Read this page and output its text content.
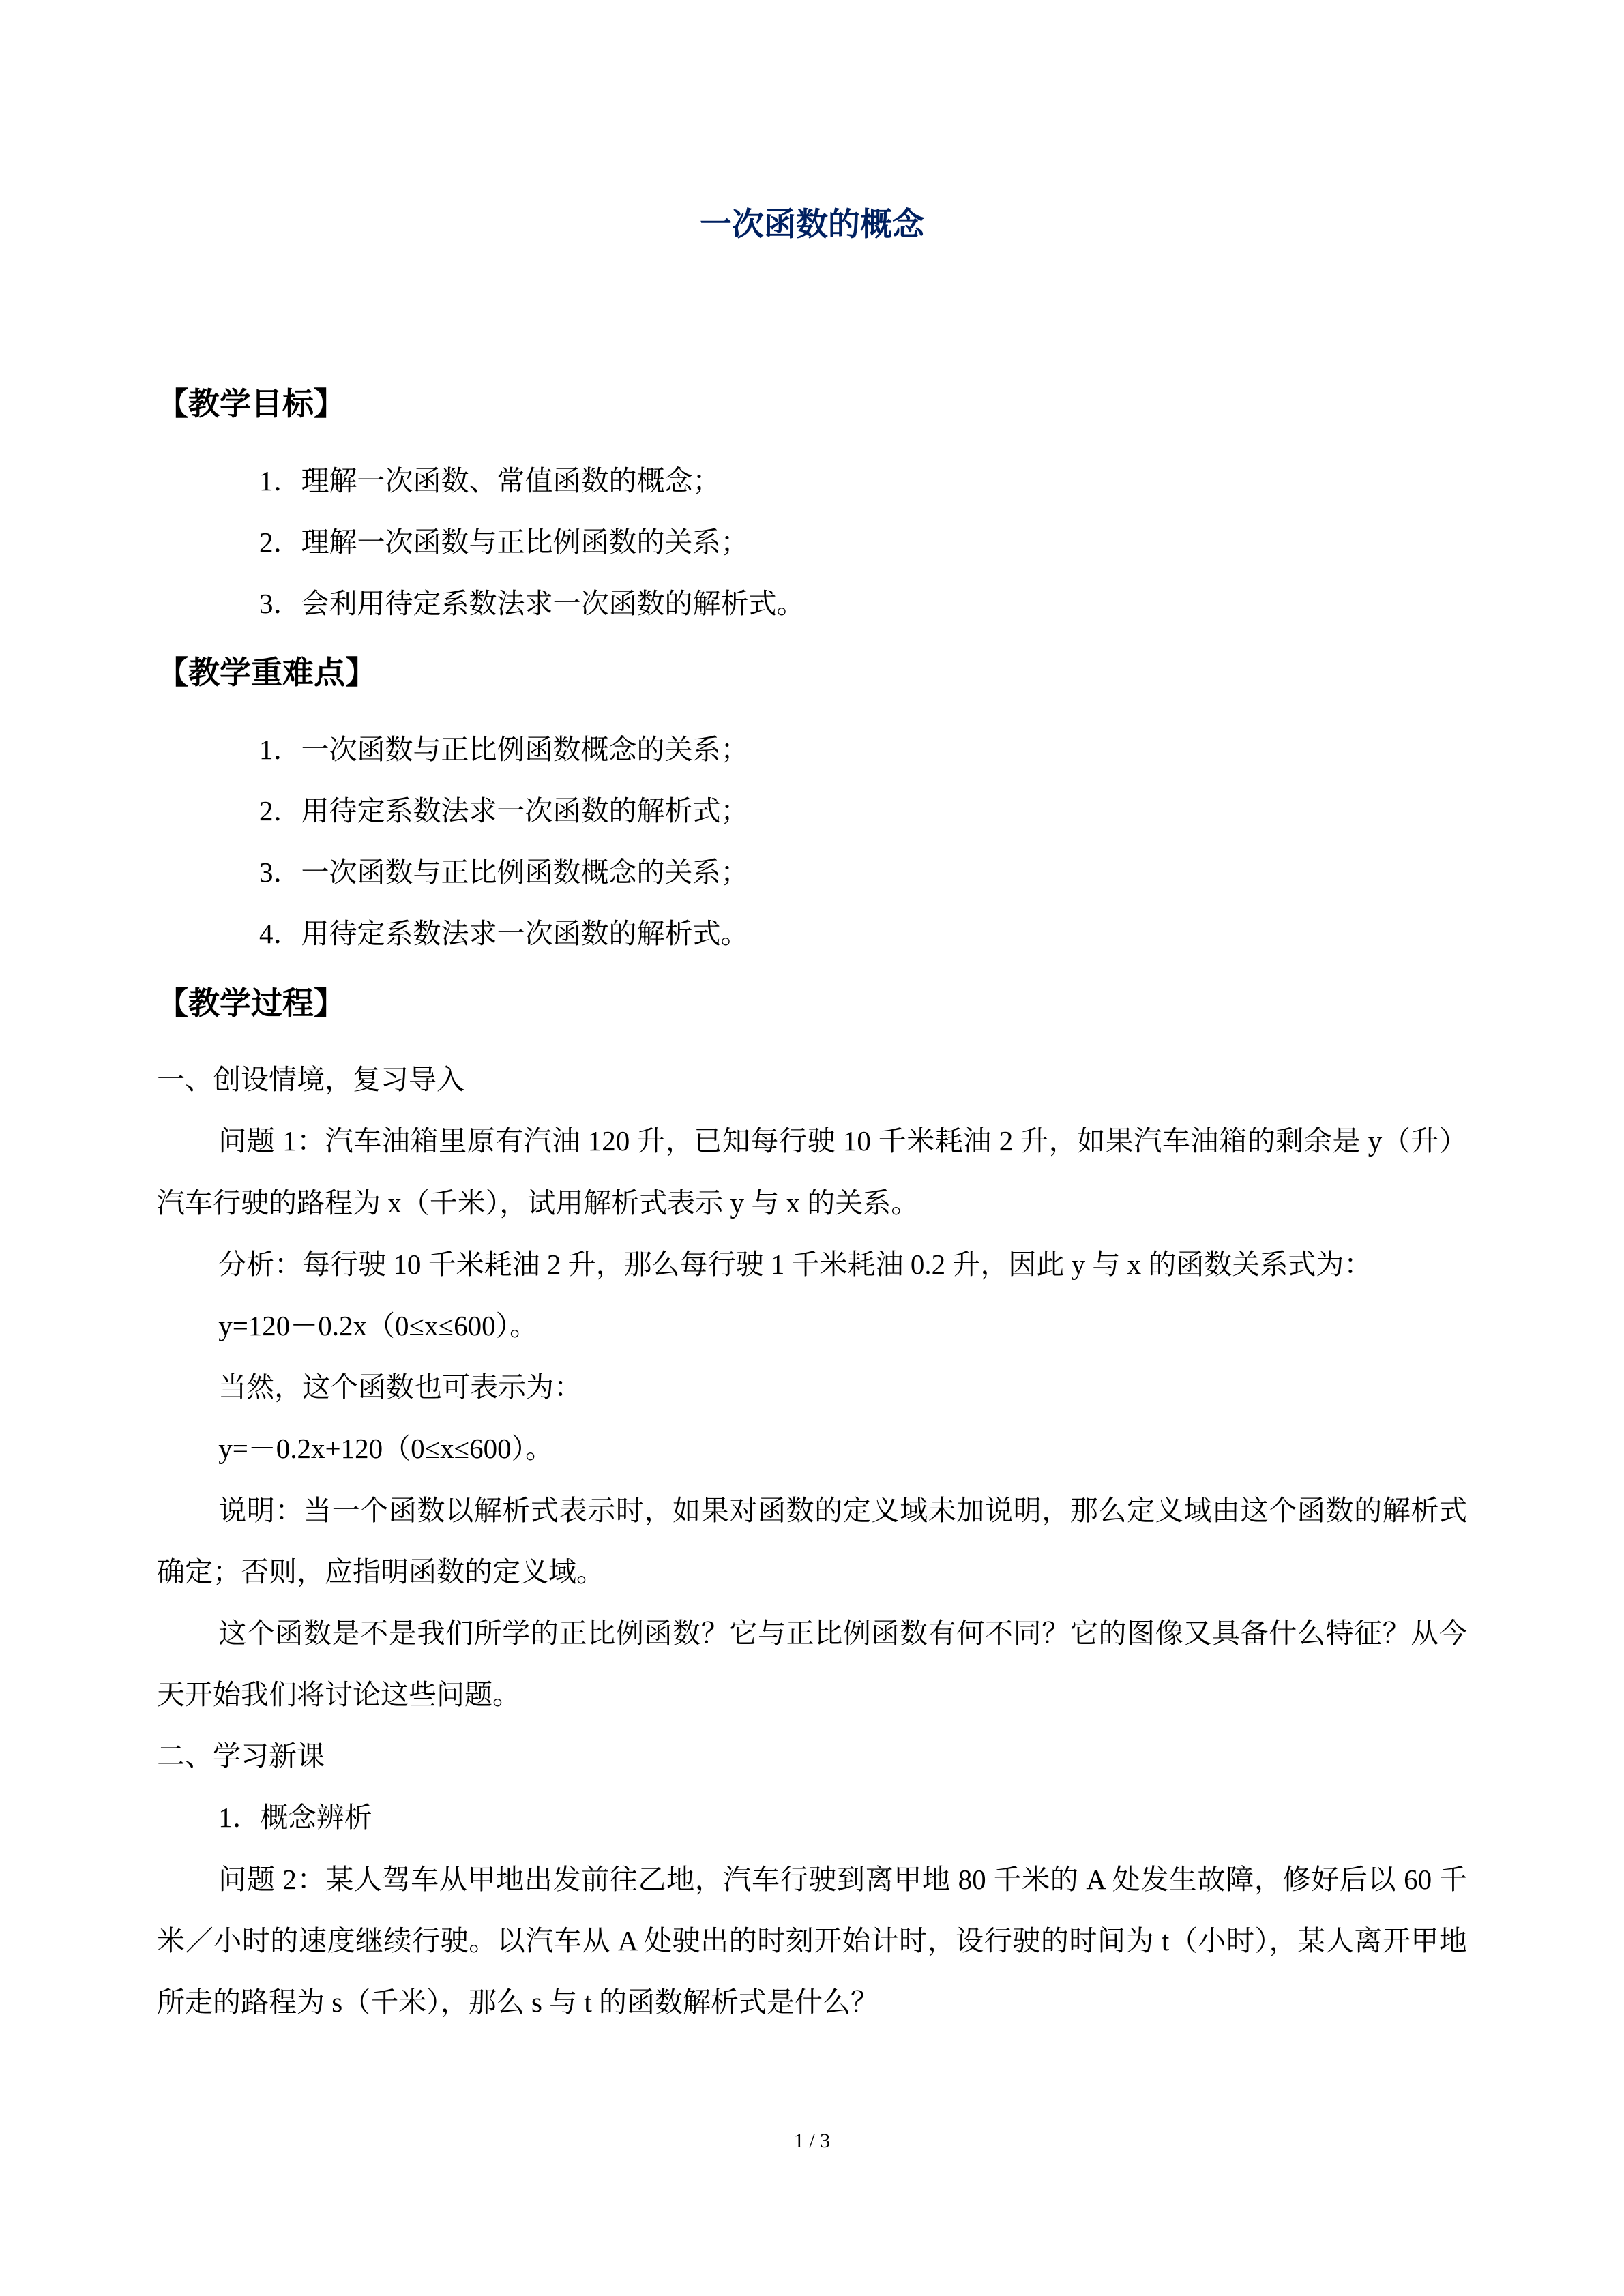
一次函数的概念
【教学目标】

1．理解一次函数、常值函数的概念；

2．理解一次函数与正比例函数的关系；

3．会利用待定系数法求一次函数的解析式。

【教学重难点】

1．一次函数与正比例函数概念的关系；

2．用待定系数法求一次函数的解析式；

3．一次函数与正比例函数概念的关系；

4．用待定系数法求一次函数的解析式。

【教学过程】

一、创设情境，复习导入

问题 1：汽车油箱里原有汽油 120 升，已知每行驶 10 千米耗油 2 升，如果汽车油箱的剩余是 y（升）汽车行驶的路程为 x（千米），试用解析式表示 y 与 x 的关系。

分析：每行驶 10 千米耗油 2 升，那么每行驶 1 千米耗油 0.2 升，因此 y 与 x 的函数关系式为：

y=120－0.2x（0≤x≤600）。

当然，这个函数也可表示为：

y=－0.2x+120（0≤x≤600）。

说明：当一个函数以解析式表示时，如果对函数的定义域未加说明，那么定义域由这个函数的解析式确定；否则，应指明函数的定义域。

这个函数是不是我们所学的正比例函数？它与正比例函数有何不同？它的图像又具备什么特征？从今天开始我们将讨论这些问题。

二、学习新课

1．概念辨析

问题 2：某人驾车从甲地出发前往乙地，汽车行驶到离甲地 80 千米的 A 处发生故障，修好后以 60 千米／小时的速度继续行驶。以汽车从 A 处驶出的时刻开始计时，设行驶的时间为 t（小时），某人离开甲地所走的路程为 s（千米），那么 s 与 t 的函数解析式是什么？

1 / 3
